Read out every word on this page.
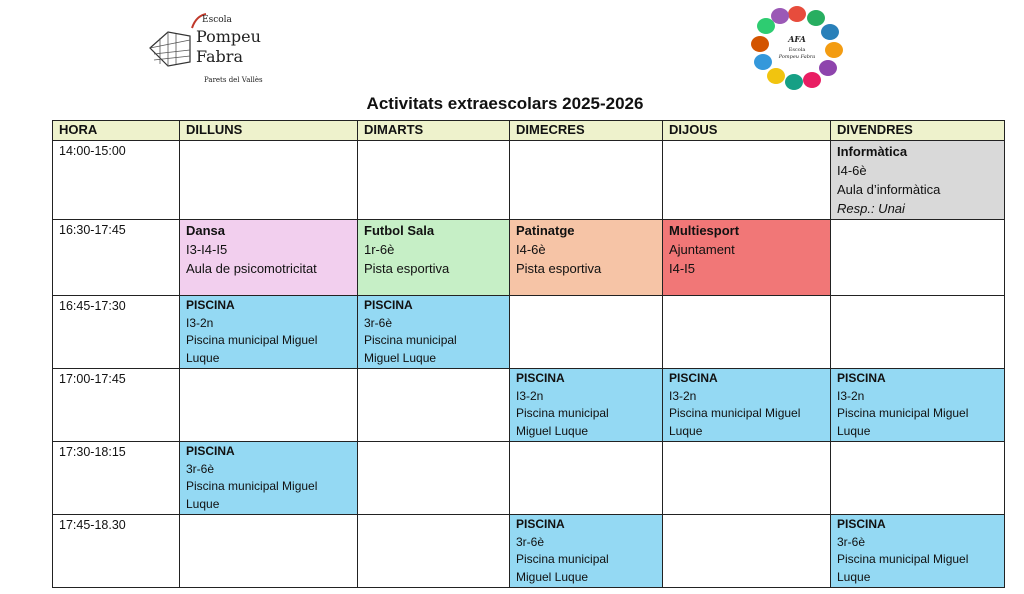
Escola
Pompeu
Fabra
Parets del Vallès
AFA
Escola
Pompeu Fabra
Activitats extraescolars 2025-2026
HORA	DILLUNS	DIMARTS	DIMECRES	DIJOUS	DIVENDRES
14:00-15:00					Informàtica
I4-6è
Aula d’informàtica
Resp.: Unai

16:30-17:45	Dansa
I3-I4-I5
Aula de psicomotricitat	Futbol Sala
1r-6è
Pista esportiva	Patinatge
I4-6è
Pista esportiva	Multiesport
Ajuntament
I4-I5	

16:45-17:30	PISCINA
I3-2n
Piscina municipal Miguel
Luque	PISCINA
3r-6è
Piscina municipal
Miguel Luque			

17:00-17:45			PISCINA
I3-2n
Piscina municipal
Miguel Luque	PISCINA
I3-2n
Piscina municipal Miguel
Luque	PISCINA
I3-2n
Piscina municipal Miguel
Luque

17:30-18:15	PISCINA
3r-6è
Piscina municipal Miguel
Luque				

17:45-18.30			PISCINA
3r-6è
Piscina municipal
Miguel Luque		PISCINA
3r-6è
Piscina municipal Miguel
Luque
